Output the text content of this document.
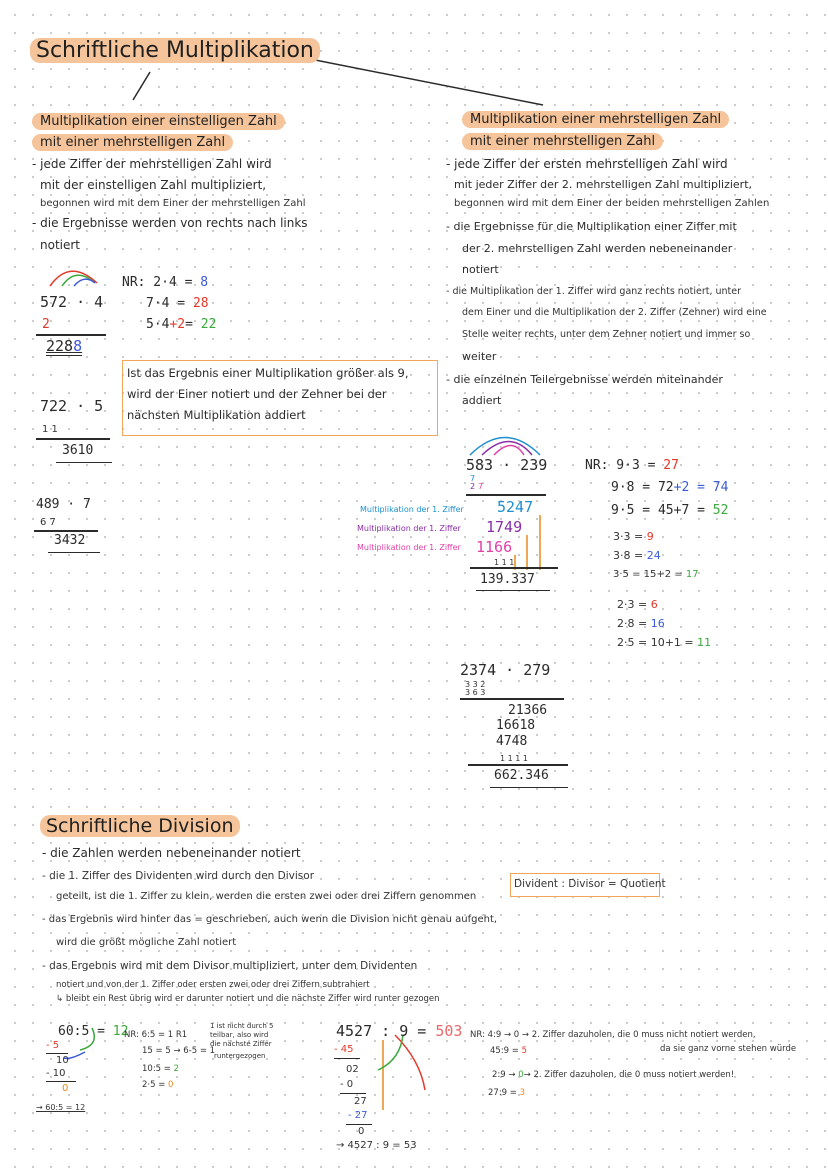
Schriftliche Multiplikation
Multiplikation einer einstelligen Zahl
mit einer mehrstelligen Zahl
- jede Ziffer der mehrstelligen Zahl wird
mit der einstelligen Zahl multipliziert,
begonnen wird mit dem Einer der mehrstelligen Zahl
- die Ergebnisse werden von rechts nach links
notiert
572 · 4
2
2288
NR: 2·4 = 8
7·4 = 28
5·4+2= 22
Ist das Ergebnis einer Multiplikation größer als 9,
wird der Einer notiert und der Zehner bei der
nächsten Multiplikation addiert
722 · 5
1 1
3610
489 · 7
6 7
3432
Multiplikation einer mehrstelligen Zahl
mit einer mehrstelligen Zahl
- jede Ziffer der ersten mehrstelligen Zahl wird
mit jeder Ziffer der 2. mehrstelligen Zahl multipliziert,
begonnen wird mit dem Einer der beiden mehrstelligen Zahlen
- die Ergebnisse für die Multiplikation einer Ziffer mit
der 2. mehrstelligen Zahl werden nebeneinander
notiert
- die Multiplikation der 1. Ziffer wird ganz rechts notiert, unter
dem Einer und die Multiplikation der 2. Ziffer (Zehner) wird eine
Stelle weiter rechts, unter dem Zehner notiert und immer so
weiter
- die einzelnen Teilergebnisse werden miteinander
addiert
583 · 239
7
2 7
Multiplikation der 1. Ziffer
Multiplikation der 1. Ziffer
Multiplikation der 1. Ziffer
5247
1749
1166
1 1 1
139.337
NR: 9·3 = 27
9·8 = 72+2 = 74
9·5 = 45+7 = 52
3·3 = 9
3·8 = 24
3·5 = 15+2 = 17
2·3 = 6
2·8 = 16
2·5 = 10+1 = 11
2374 · 279
3 3 2
3 6 3
21366
16618
4748
1 1 1 1
662.346
Schriftliche Division
- die Zahlen werden nebeneinander notiert
- die 1. Ziffer des Dividenten wird durch den Divisor
geteilt, ist die 1. Ziffer zu klein, werden die ersten zwei oder drei Ziffern genommen
- das Ergebnis wird hinter das = geschrieben, auch wenn die Division nicht genau aufgeht,
wird die größt mögliche Zahl notiert
- das Ergebnis wird mit dem Divisor multipliziert, unter dem Dividenten
notiert und von der 1. Ziffer oder ersten zwei oder drei Ziffern subtrahiert
↳ bleibt ein Rest übrig wird er darunter notiert und die nächste Ziffer wird runter gezogen
Divident : Divisor = Quotient
60:5 = 12
- 5
10
- 10
0
→ 60:5 = 12
NR: 6:5 = 1 R1
15 = 5 → 6-5 = 1
10:5 = 2
2·5 = 0
1 ist nicht durch 5
teilbar, also wird
die nächste Ziffer
runtergezogen
4527 : 9 = 503
- 45
02
- 0
27
- 27
0
→ 4527 : 9 = 53
NR: 4:9 → 0 → 2. Ziffer dazuholen, die 0 muss nicht notiert werden,
45:9 = 5	da sie ganz vorne stehen würde
2:9 → 0→ 2. Ziffer dazuholen, die 0 muss notiert werden!
27:9 = 3
